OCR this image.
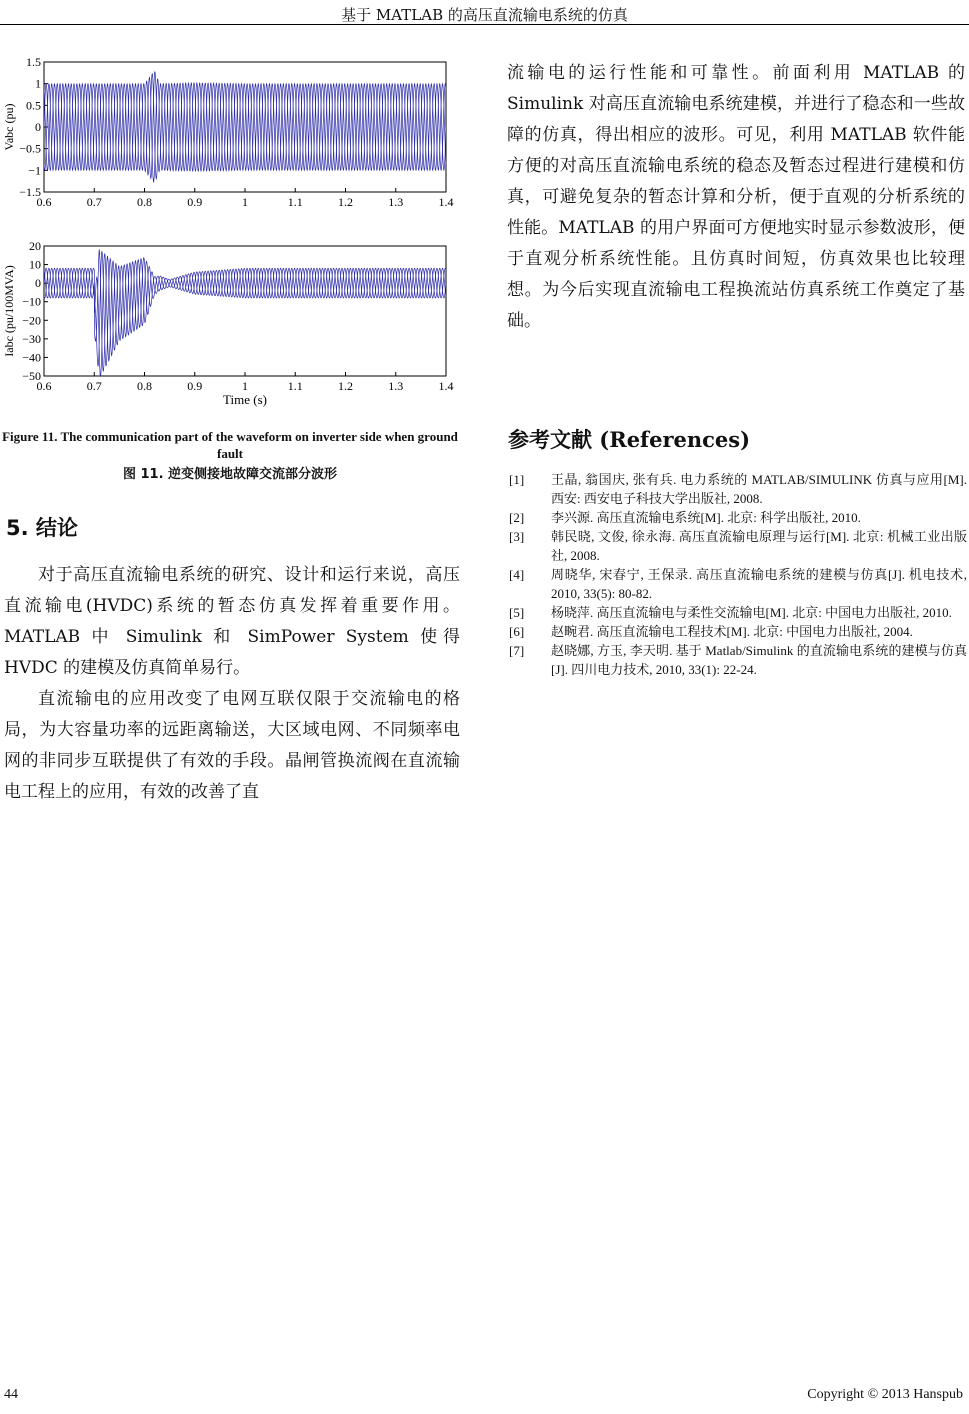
基于 MATLAB 的高压直流输电系统的仿真
0.6	0.7	0.8	0.9	1	1.1	1.2	1.3	1.4
1.5
1
0.5
0
−0.5
−1
−1.5
Vabc (pu)
0.6	0.7	0.8	0.9	1	1.1	1.2	1.3	1.4
20
10
0
−10
−20
−30
−40
−50
Iabc (pu/100MVA)
Time (s)
Figure 11. The communication part of the waveform on inverter side when ground fault
图 11. 逆变侧接地故障交流部分波形
5. 结论

对于高压直流输电系统的研究、设计和运行来说，高压直流输电(HVDC)系统的暂态仿真发挥着重要作用。MATLAB 中 Simulink 和 SimPower System 使得 HVDC 的建模及仿真简单易行。

直流输电的应用改变了电网互联仅限于交流输电的格局，为大容量功率的远距离输送，大区域电网、不同频率电网的非同步互联提供了有效的手段。晶闸管换流阀在直流输电工程上的应用，有效的改善了直

流输电的运行性能和可靠性。前面利用 MATLAB 的 Simulink 对高压直流输电系统建模，并进行了稳态和一些故障的仿真，得出相应的波形。可见，利用 MATLAB 软件能方便的对高压直流输电系统的稳态及暂态过程进行建模和仿真，可避免复杂的暂态计算和分析，便于直观的分析系统的性能。MATLAB 的用户界面可方便地实时显示参数波形，便于直观分析系统性能。且仿真时间短，仿真效果也比较理想。为今后实现直流输电工程换流站仿真系统工作奠定了基础。

参考文献 (References)
[1]	王晶, 翁国庆, 张有兵. 电力系统的 MATLAB/SIMULINK 仿真与应用[M]. 西安: 西安电子科技大学出版社, 2008.
[2]	李兴源. 高压直流输电系统[M]. 北京: 科学出版社, 2010.
[3]	韩民晓, 文俊, 徐永海. 高压直流输电原理与运行[M]. 北京: 机械工业出版社, 2008.
[4]	周晓华, 宋春宁, 王保录. 高压直流输电系统的建模与仿真[J]. 机电技术, 2010, 33(5): 80-82.
[5]	杨晓萍. 高压直流输电与柔性交流输电[M]. 北京: 中国电力出版社, 2010.
[6]	赵畹君. 高压直流输电工程技术[M]. 北京: 中国电力出版社, 2004.
[7]	赵晓娜, 方玉, 李天明. 基于 Matlab/Simulink 的直流输电系统的建模与仿真[J]. 四川电力技术, 2010, 33(1): 22-24.
44	Copyright © 2013 Hanspub
